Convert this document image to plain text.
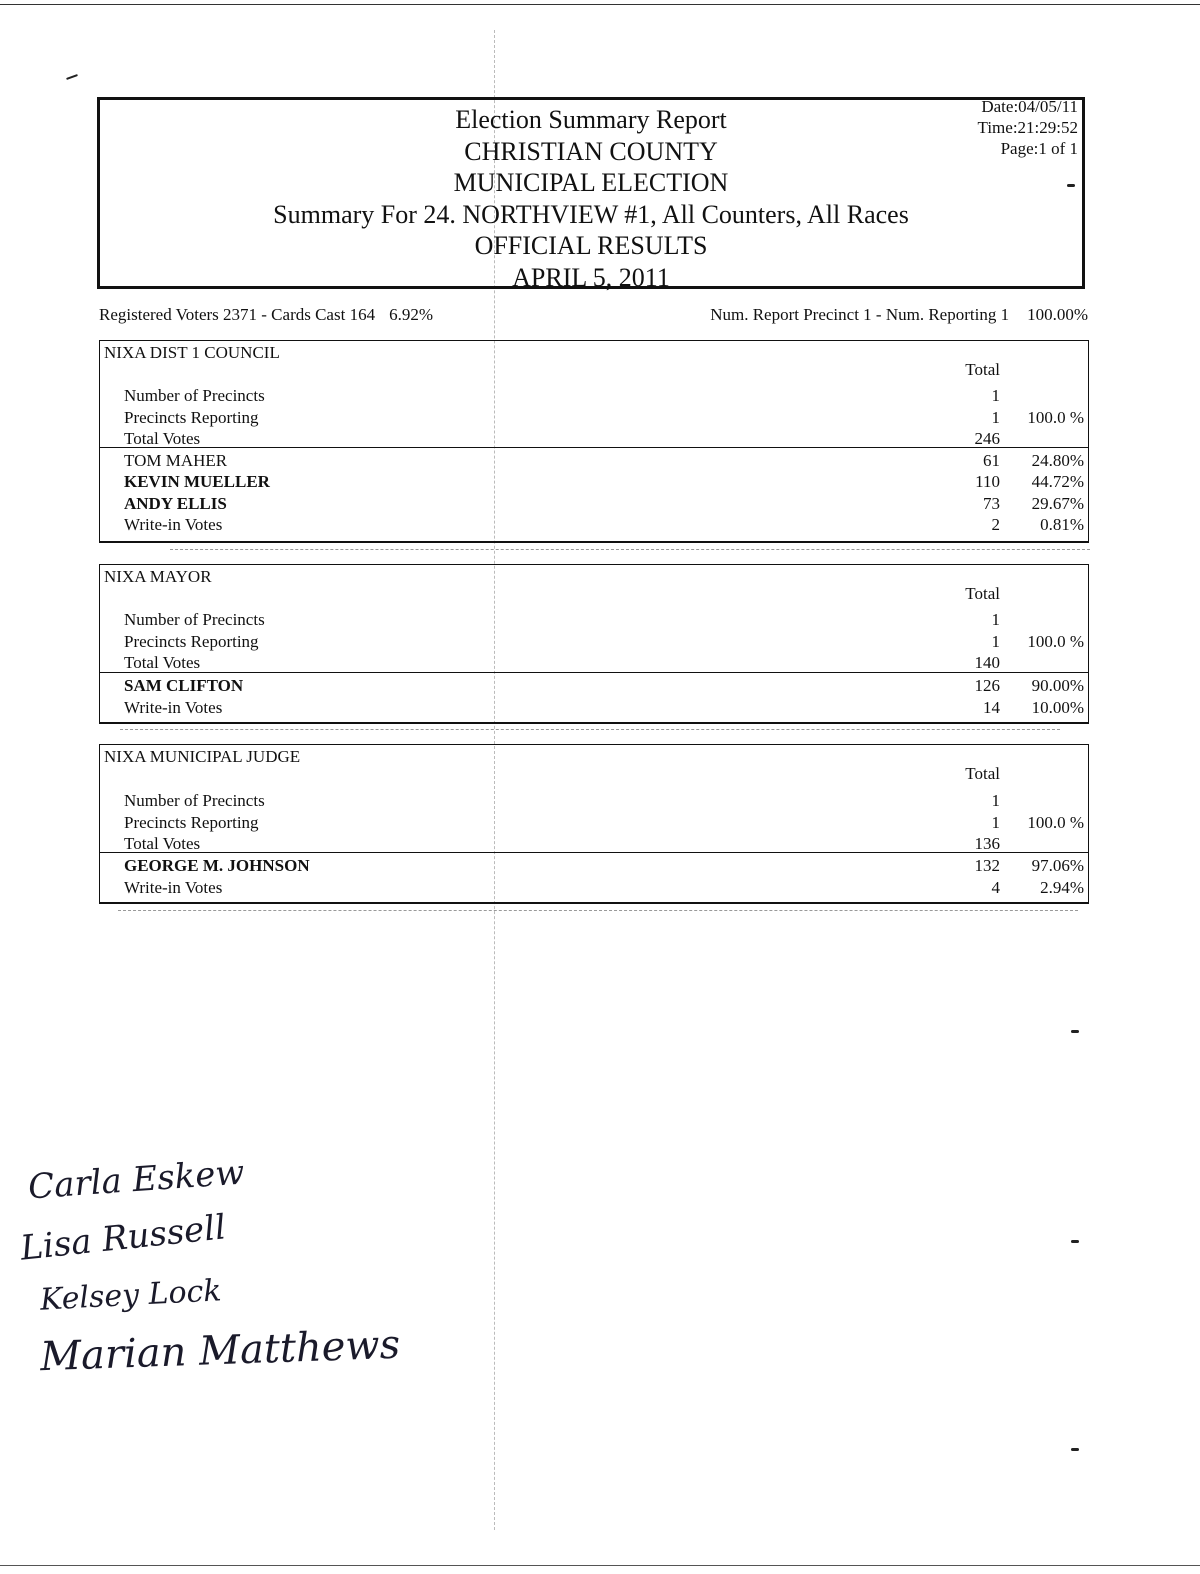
Election Summary Report
CHRISTIAN COUNTY
MUNICIPAL ELECTION
Summary For 24. NORTHVIEW #1, All Counters, All Races
OFFICIAL RESULTS
APRIL 5, 2011
Date:04/05/11
Time:21:29:52
Page:1 of 1
Registered Voters 2371 - Cards Cast 164 6.92%	Num. Report Precinct 1 - Num. Reporting 1 100.00%
NIXA DIST 1 COUNCIL
Total
Number of Precincts	1
Precincts Reporting	1 100.0 %
Total Votes	246
TOM MAHER	61 24.80%
KEVIN MUELLER	110 44.72%
ANDY ELLIS	73 29.67%
Write-in Votes	2 0.81%
NIXA MAYOR
Total
Number of Precincts	1
Precincts Reporting	1 100.0 %
Total Votes	140
SAM CLIFTON	126 90.00%
Write-in Votes	14 10.00%
NIXA MUNICIPAL JUDGE
Total
Number of Precincts	1
Precincts Reporting	1 100.0 %
Total Votes	136
GEORGE M. JOHNSON	132 97.06%
Write-in Votes	4 2.94%
Carla Eskew
Lisa Russell
Kelsey Lock
Marian Matthews
